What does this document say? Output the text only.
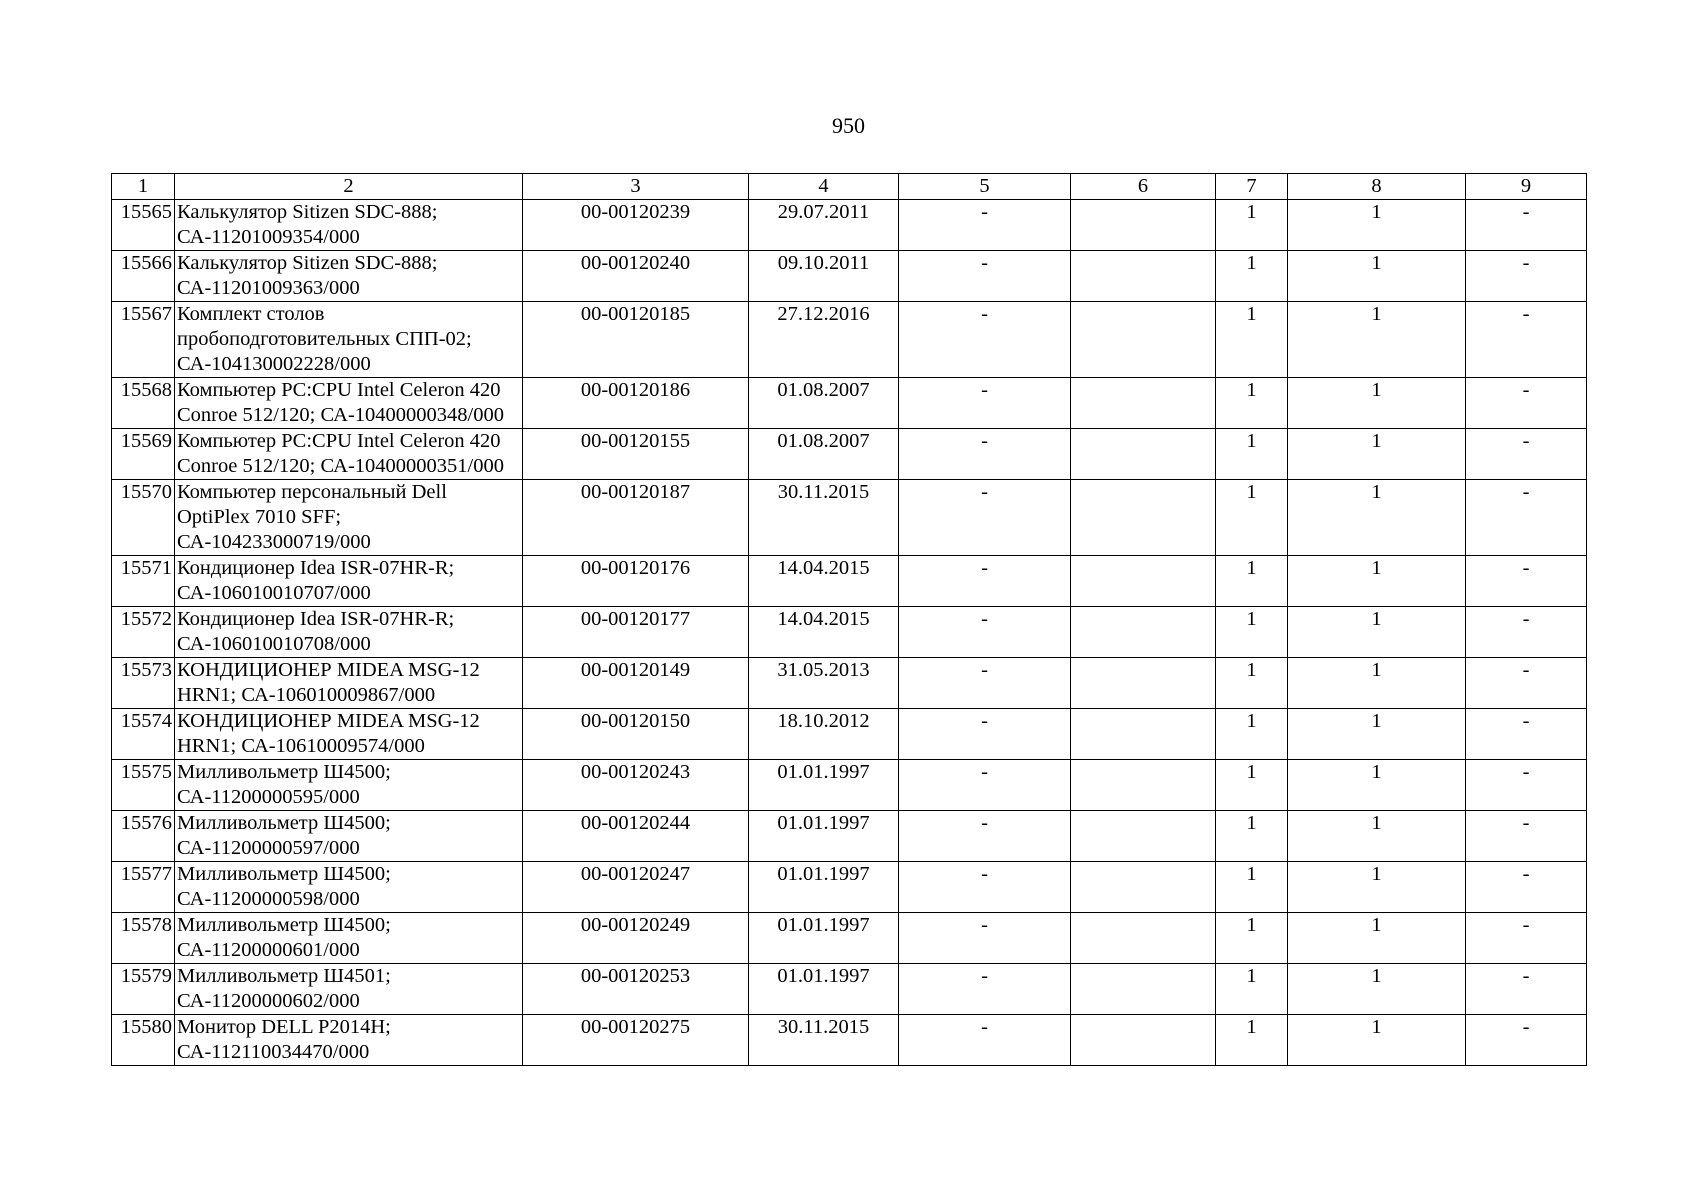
950
1	2	3	4	5	6	7	8	9
15565	Калькулятор Sitizen SDC-888; СА-11201009354/000	00-00120239	29.07.2011	-		1	1	-
15566	Калькулятор Sitizen SDC-888; СА-11201009363/000	00-00120240	09.10.2011	-		1	1	-
15567	Комплект столов пробоподготовительных СПП-02; СА-104130002228/000	00-00120185	27.12.2016	-		1	1	-
15568	Компьютер PC:CPU Intel Celeron 420 Conroe 512/120; СА-10400000348/000	00-00120186	01.08.2007	-		1	1	-
15569	Компьютер PC:CPU Intel Celeron 420 Conroe 512/120; СА-10400000351/000	00-00120155	01.08.2007	-		1	1	-
15570	Компьютер персональный Dell OptiPlex 7010 SFF; СА-104233000719/000	00-00120187	30.11.2015	-		1	1	-
15571	Кондиционер Idea ISR-07HR-R; СА-106010010707/000	00-00120176	14.04.2015	-		1	1	-
15572	Кондиционер Idea ISR-07HR-R; СА-106010010708/000	00-00120177	14.04.2015	-		1	1	-
15573	КОНДИЦИОНЕР MIDEA MSG-12 HRN1; СА-106010009867/000	00-00120149	31.05.2013	-		1	1	-
15574	КОНДИЦИОНЕР MIDEA MSG-12 HRN1; СА-10610009574/000	00-00120150	18.10.2012	-		1	1	-
15575	Милливольметр Ш4500; СА-11200000595/000	00-00120243	01.01.1997	-		1	1	-
15576	Милливольметр Ш4500; СА-11200000597/000	00-00120244	01.01.1997	-		1	1	-
15577	Милливольметр Ш4500; СА-11200000598/000	00-00120247	01.01.1997	-		1	1	-
15578	Милливольметр Ш4500; СА-11200000601/000	00-00120249	01.01.1997	-		1	1	-
15579	Милливольметр Ш4501; СА-11200000602/000	00-00120253	01.01.1997	-		1	1	-
15580	Монитор DELL P2014H; СА-112110034470/000	00-00120275	30.11.2015	-		1	1	-
